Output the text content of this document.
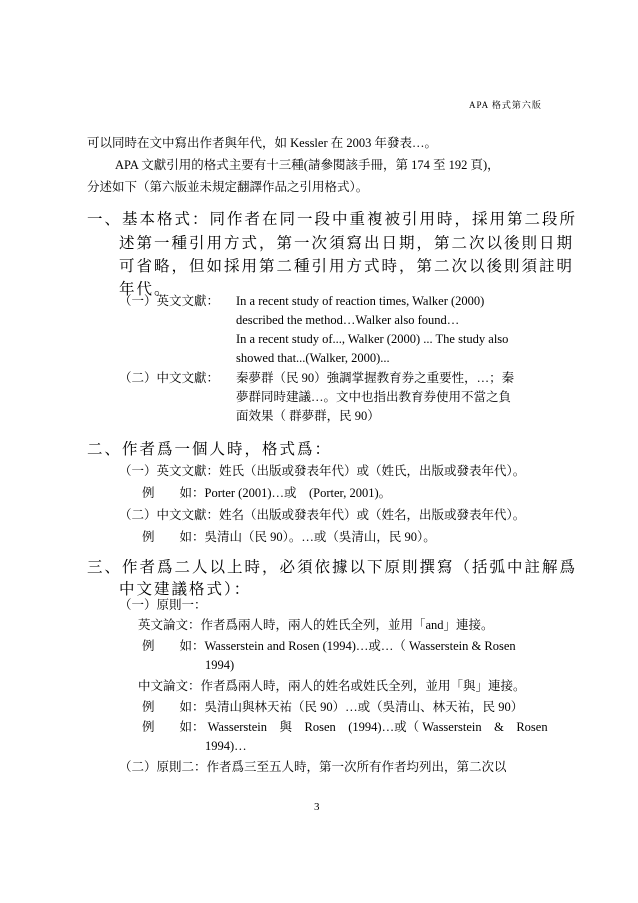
APA 格式第六版
可以同時在文中寫出作者與年代，如 Kessler 在 2003 年發表…。
APA 文獻引用的格式主要有十三種(請參閱該手冊，第 174 至 192 頁)，
分述如下（第六版並未規定翻譯作品之引用格式）。
一、基本格式：同作者在同一段中重複被引用時，採用第二段所
述第一種引用方式，第一次須寫出日期，第二次以後則日期
可省略，但如採用第二種引用方式時，第二次以後則須註明
年代。
（一）英文文獻： In a recent study of reaction times, Walker (2000)
described the method…Walker also found…
In a recent study of..., Walker (2000) ... The study also
showed that...(Walker, 2000)...
（二）中文文獻： 秦夢群（民 90）強調掌握教育券之重要性，…；秦
夢群同時建議…。文中也指出教育券使用不當之負
面效果（ 群夢群，民 90）
二、作者爲一個人時，格式爲：
（一）英文文獻：姓氏（出版或發表年代）或（姓氏，出版或發表年代）。
例　　如：Porter (2001)…或　(Porter, 2001)。
（二）中文文獻：姓名（出版或發表年代）或（姓名，出版或發表年代）。
例　　如：吳清山（民 90）。…或（吳清山，民 90）。
三、作者爲二人以上時，必須依據以下原則撰寫（括弧中註解爲
中文建議格式）：
（一）原則一：
英文論文：作者爲兩人時，兩人的姓氏全列，並用「and」連接。
例　　如：Wasserstein and Rosen (1994)…或…（ Wasserstein & Rosen
1994)
中文論文：作者爲兩人時，兩人的姓名或姓氏全列，並用「與」連接。
例　　如：吳清山與林天祐（民 90）…或（吳清山、林天祐，民 90）
例　　如： Wasserstein　與　Rosen　(1994)…或（ Wasserstein　&　Rosen
1994)…
（二）原則二：作者爲三至五人時，第一次所有作者均列出，第二次以
3
